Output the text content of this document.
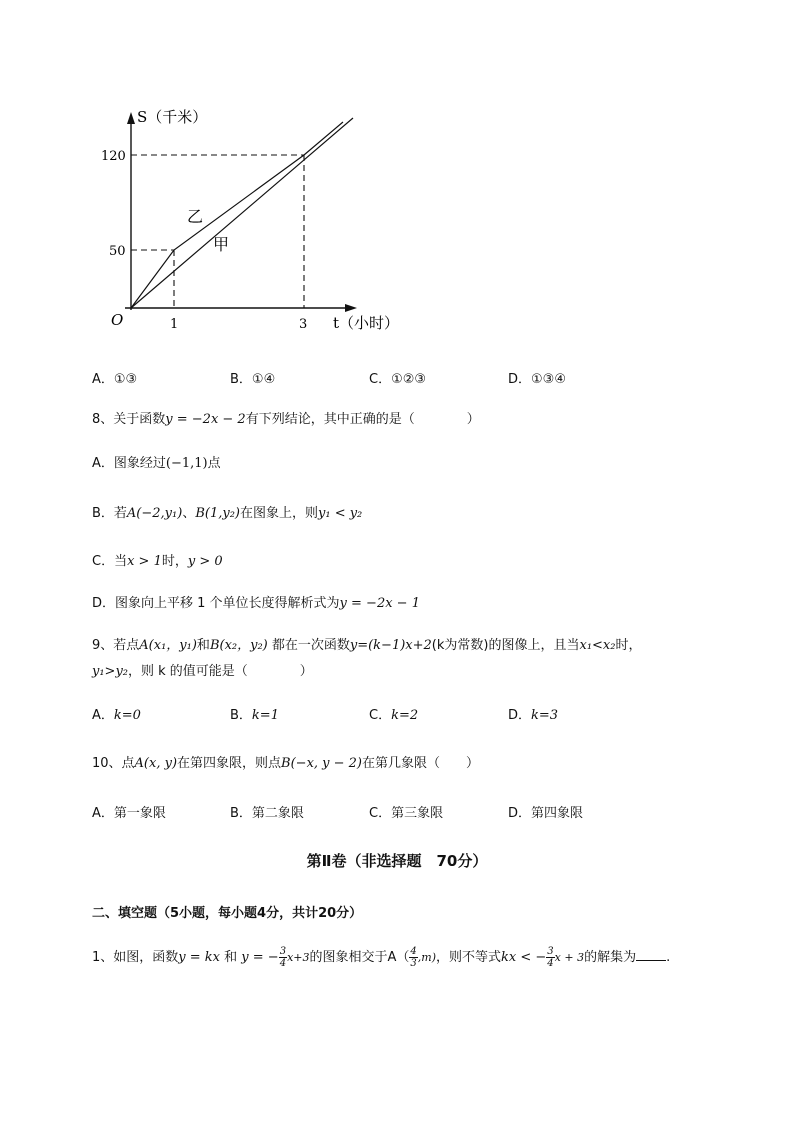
S（千米）
t（小时）
O
120
50
1	3
乙
甲
A．①③	B．①④	C．①②③	D．①③④
8、关于函数y = −2x − 2有下列结论，其中正确的是（　　　　）
A．图象经过(−1,1)点
B．若A(−2,y₁)、B(1,y₂)在图象上，则y₁ < y₂
C．当x > 1时，y > 0
D．图象向上平移 1 个单位长度得解析式为y = −2x − 1
9、若点A(x₁，y₁)和B(x₂，y₂) 都在一次函数y=(k−1)x+2(k为常数)的图像上，且当x₁<x₂时，
y₁>y₂，则 k 的值可能是（　　　　）
A．k=0	B．k=1	C．k=2	D．k=3
10、点A(x, y)在第四象限，则点B(−x, y − 2)在第几象限（　　）
A．第一象限	B．第二象限	C．第三象限	D．第四象限
第Ⅱ卷（非选择题　70分）
二、填空题（5小题，每小题4分，共计20分）
1、如图，函数y = kx 和 y = − $\frac{3}{4} x+3$的图象相交于$A( \frac{4}{3} ,m)$，则不等式kx < − $\frac{3}{4}$ x + 3的解集为 .
